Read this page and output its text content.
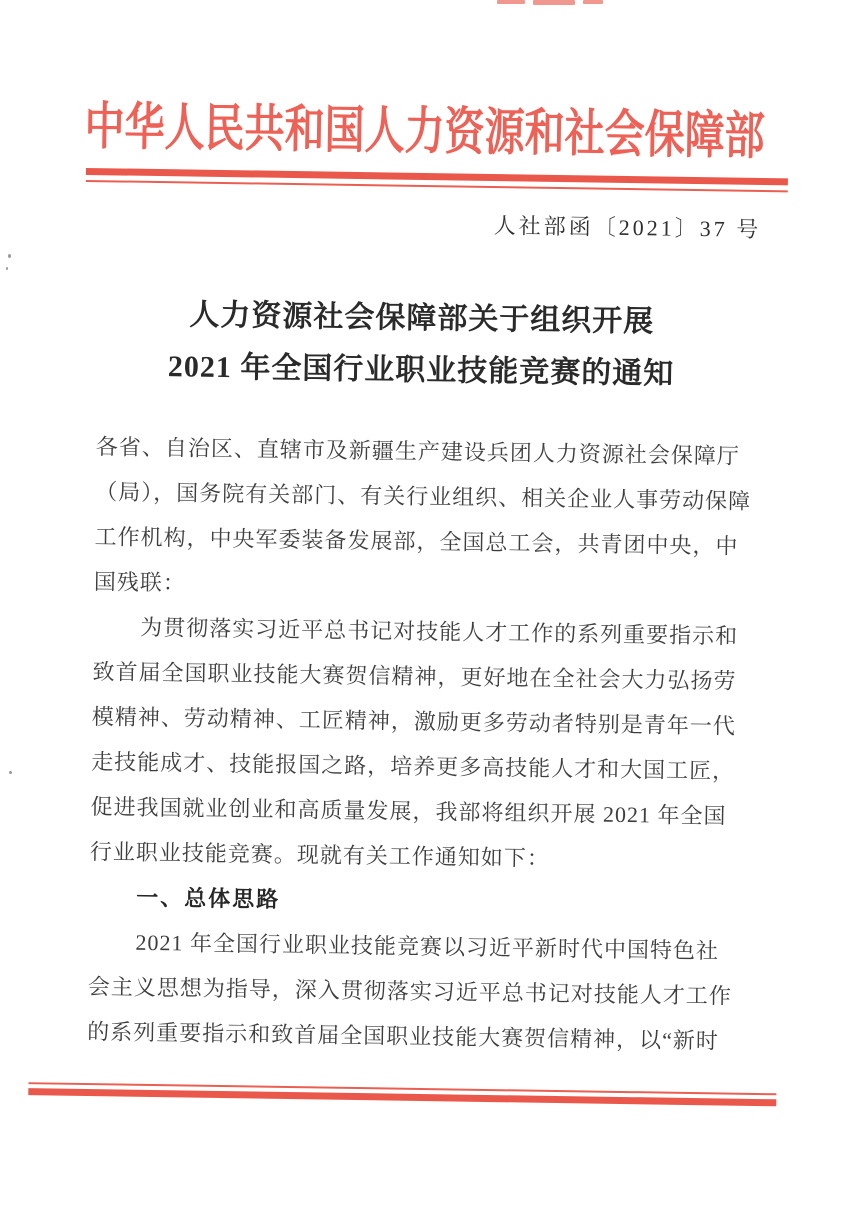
中华人民共和国人力资源和社会保障部
人社部函〔2021〕37 号
人力资源社会保障部关于组织开展
2021 年全国行业职业技能竞赛的通知
各省、自治区、直辖市及新疆生产建设兵团人力资源社会保障厅
（局），国务院有关部门、有关行业组织、相关企业人事劳动保障
工作机构，中央军委装备发展部，全国总工会，共青团中央，中
国残联：
为贯彻落实习近平总书记对技能人才工作的系列重要指示和
致首届全国职业技能大赛贺信精神，更好地在全社会大力弘扬劳
模精神、劳动精神、工匠精神，激励更多劳动者特别是青年一代
走技能成才、技能报国之路，培养更多高技能人才和大国工匠，
促进我国就业创业和高质量发展，我部将组织开展 2021 年全国
行业职业技能竞赛。现就有关工作通知如下：
一、总体思路
2021 年全国行业职业技能竞赛以习近平新时代中国特色社
会主义思想为指导，深入贯彻落实习近平总书记对技能人才工作
的系列重要指示和致首届全国职业技能大赛贺信精神，以“新时
